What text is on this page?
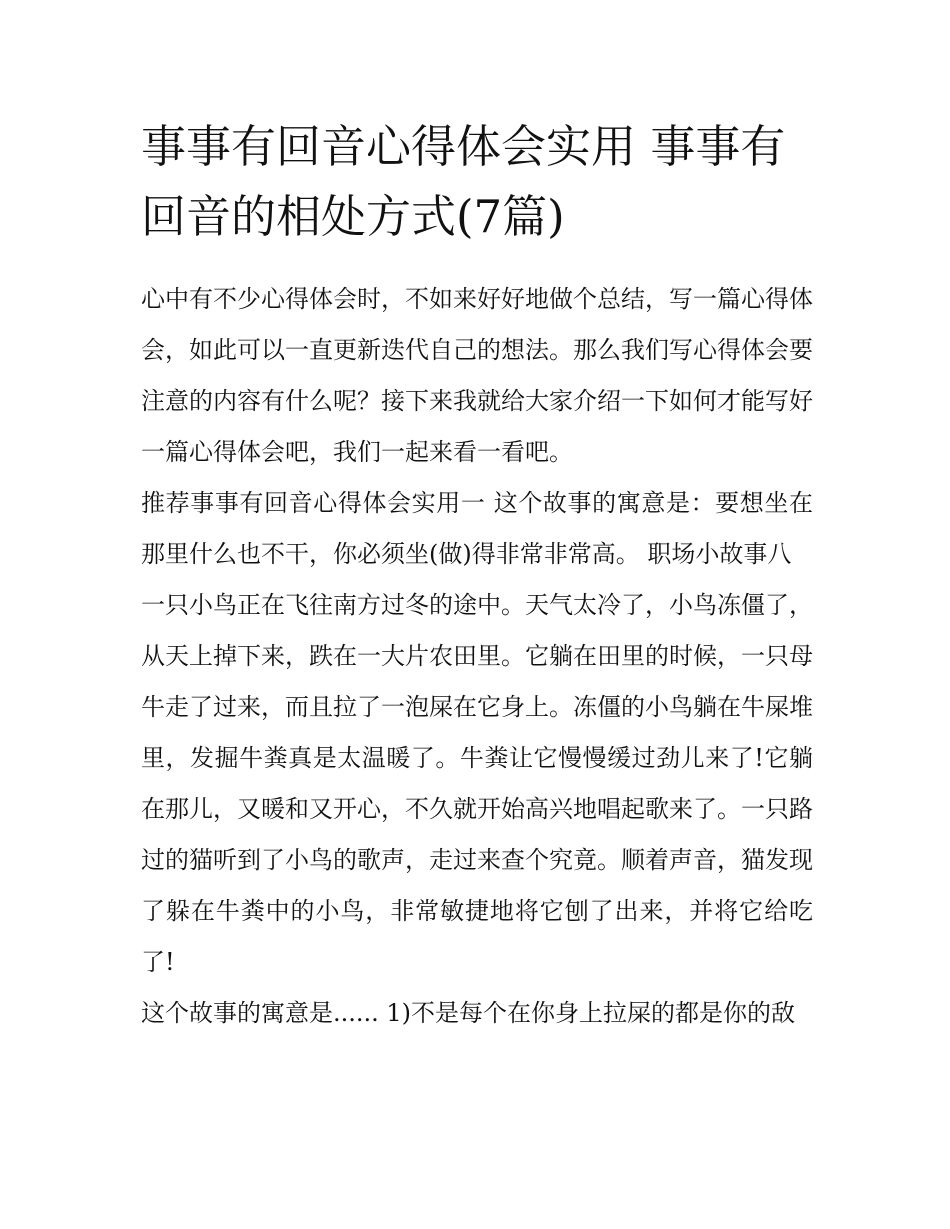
事事有回音心得体会实用 事事有回音的相处方式(7篇)

心中有不少心得体会时，不如来好好地做个总结，写一篇心得体会，如此可以一直更新迭代自己的想法。那么我们写心得体会要注意的内容有什么呢？接下来我就给大家介绍一下如何才能写好一篇心得体会吧，我们一起来看一看吧。

推荐事事有回音心得体会实用一 这个故事的寓意是：要想坐在那里什么也不干，你必须坐(做)得非常非常高。 职场小故事八

一只小鸟正在飞往南方过冬的途中。天气太冷了，小鸟冻僵了，从天上掉下来，跌在一大片农田里。它躺在田里的时候，一只母牛走了过来，而且拉了一泡屎在它身上。冻僵的小鸟躺在牛屎堆里，发掘牛粪真是太温暖了。牛粪让它慢慢缓过劲儿来了!它躺在那儿，又暖和又开心，不久就开始高兴地唱起歌来了。一只路过的猫听到了小鸟的歌声，走过来查个究竟。顺着声音，猫发现了躲在牛粪中的小鸟，非常敏捷地将它刨了出来，并将它给吃了!

这个故事的寓意是...... 1)不是每个在你身上拉屎的都是你的敌
